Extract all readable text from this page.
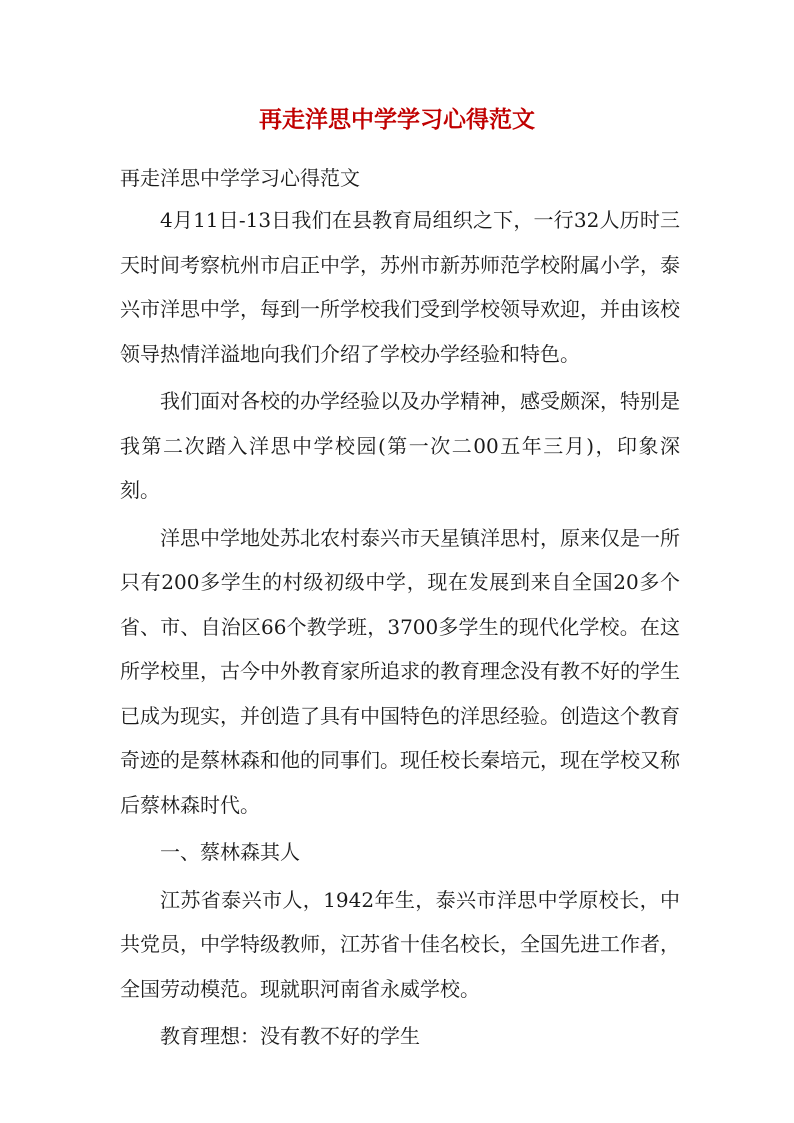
再走洋思中学学习心得范文

再走洋思中学学习心得范文

4月11日-13日我们在县教育局组织之下，一行32人历时三天时间考察杭州市启正中学，苏州市新苏师范学校附属小学，泰兴市洋思中学，每到一所学校我们受到学校领导欢迎，并由该校领导热情洋溢地向我们介绍了学校办学经验和特色。

我们面对各校的办学经验以及办学精神，感受颇深，特别是我第二次踏入洋思中学校园(第一次二00五年三月)，印象深刻。

洋思中学地处苏北农村泰兴市天星镇洋思村，原来仅是一所只有200多学生的村级初级中学，现在发展到来自全国20多个省、市、自治区66个教学班，3700多学生的现代化学校。在这所学校里，古今中外教育家所追求的教育理念没有教不好的学生已成为现实，并创造了具有中国特色的洋思经验。创造这个教育奇迹的是蔡林森和他的同事们。现任校长秦培元，现在学校又称后蔡林森时代。

一、蔡林森其人

江苏省泰兴市人，1942年生，泰兴市洋思中学原校长，中共党员，中学特级教师，江苏省十佳名校长，全国先进工作者，全国劳动模范。现就职河南省永威学校。

教育理想：没有教不好的学生
